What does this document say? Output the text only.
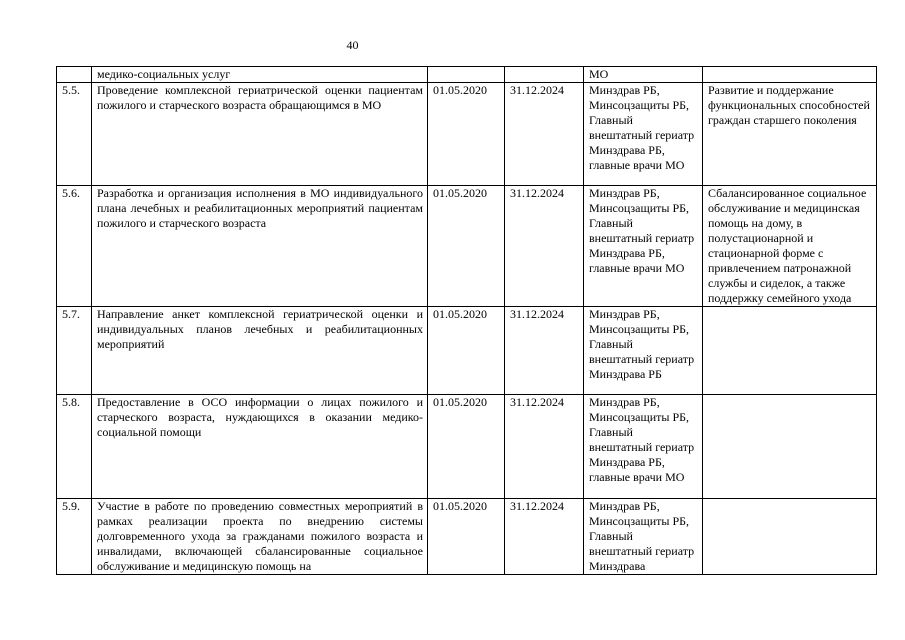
40
	медико-социальных услуг			МО	
5.5.	Проведение комплексной гериатрической оценки пациентам пожилого и старческого возраста обращающимся в МО	01.05.2020	31.12.2024	Минздрав РБ, Минсоцзащиты РБ, Главный внештатный гериатр Минздрава РБ, главные врачи МО	Развитие и поддержание функциональных способностей граждан старшего поколения
5.6.	Разработка и организация исполнения в МО индивидуального плана лечебных и реабилитационных мероприятий пациентам пожилого и старческого возраста	01.05.2020	31.12.2024	Минздрав РБ, Минсоцзащиты РБ, Главный внештатный гериатр Минздрава РБ, главные врачи МО	Сбалансированное социальное обслуживание и медицинская помощь на дому, в полустационарной и стационарной форме с привлечением патронажной службы и сиделок, а также поддержку семейного ухода
5.7.	Направление анкет комплексной гериатрической оценки и индивидуальных планов лечебных и реабилитационных мероприятий	01.05.2020	31.12.2024	Минздрав РБ, Минсоцзащиты РБ, Главный внештатный гериатр Минздрава РБ	
5.8.	Предоставление в ОСО информации о лицах пожилого и старческого возраста, нуждающихся в оказании медико-социальной помощи	01.05.2020	31.12.2024	Минздрав РБ, Минсоцзащиты РБ, Главный внештатный гериатр Минздрава РБ, главные врачи МО	
5.9.	Участие в работе по проведению совместных мероприятий в рамках реализации проекта по внедрению системы долговременного ухода за гражданами пожилого возраста и инвалидами, включающей сбалансированные социальное обслуживание и медицинскую помощь на	01.05.2020	31.12.2024	Минздрав РБ, Минсоцзащиты РБ, Главный внештатный гериатр Минздрава	
